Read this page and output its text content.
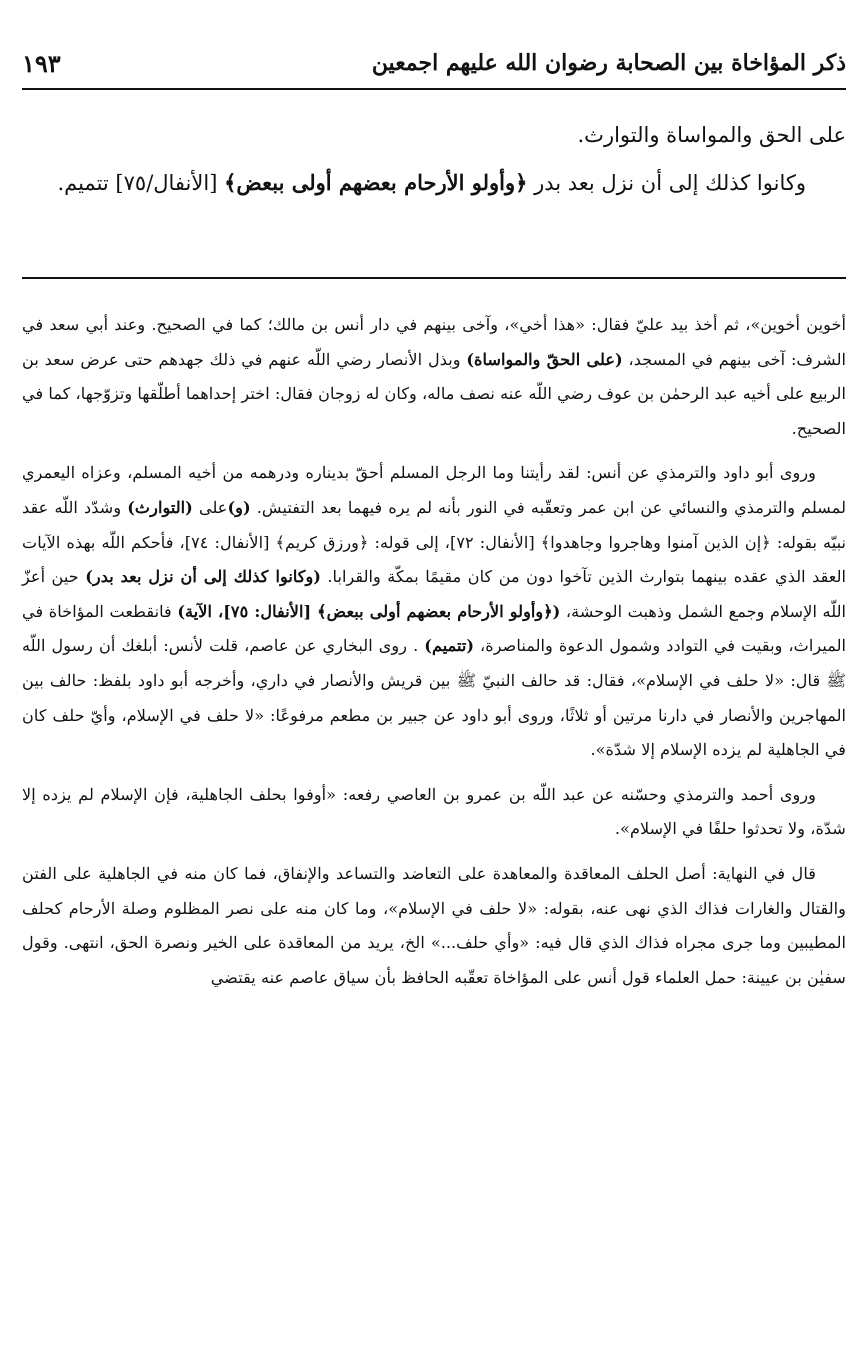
ذكر المؤاخاة بين الصحابة رضوان الله عليهم اجمعين
١٩٣

على الحق والمواساة والتوارث.

وكانوا كذلك إلى أن نزل بعد بدر ﴿وأولو الأرحام بعضهم أولى ببعض﴾ [الأنفال/٧٥] تتميم.

أخوين أخوين»، ثم أخذ بيد عليّ فقال: «هذا أخي»، وآخى بينهم في دار أنس بن مالك؛ كما في الصحيح. وعند أبي سعد في الشرف: آخى بينهم في المسجد، (على الحقّ والمواساة) وبذل الأنصار رضي اللّه عنهم في ذلك جهدهم حتى عرض سعد بن الربيع على أخيه عبد الرحمٰن بن عوف رضي اللّه عنه نصف ماله، وكان له زوجان فقال: اختر إحداهما أطلّقها وتزوّجها، كما في الصحيح.

وروى أبو داود والترمذي عن أنس: لقد رأيتنا وما الرجل المسلم أحقّ بديناره ودرهمه من أخيه المسلم، وعزاه اليعمري لمسلم والترمذي والنسائي عن ابن عمر وتعقّبه في النور بأنه لم يره فيهما بعد التفتيش. (و)على (التوارث) وشدّد اللّه عقد نبيّه بقوله: ﴿إن الذين آمنوا وهاجروا وجاهدوا﴾ [الأنفال: ٧٢]، إلى قوله: ﴿ورزق كريم﴾ [الأنفال: ٧٤]، فأحكم اللّه بهذه الآيات العقد الذي عقده بينهما بتوارث الذين تآخوا دون من كان مقيمًا بمكّة والقرابا. (وكانوا كذلك إلى أن نزل بعد بدر) حين أعزّ اللّه الإسلام وجمع الشمل وذهبت الوحشة، (﴿وأولو الأرحام بعضهم أولى ببعض﴾ [الأنفال: ٧٥]، الآية) فانقطعت المؤاخاة في الميراث، وبقيت في التوادد وشمول الدعوة والمناصرة، (تتميم) . روى البخاري عن عاصم، قلت لأنس: أبلغك أن رسول اللّه ﷺ قال: «لا حلف في الإسلام»، فقال: قد حالف النبيّ ﷺ بين قريش والأنصار في داري، وأخرجه أبو داود بلفظ: حالف بين المهاجرين والأنصار في دارنا مرتين أو ثلاثًا، وروى أبو داود عن جبير بن مطعم مرفوعًا: «لا حلف في الإسلام، وأيّ حلف كان في الجاهلية لم يزده الإسلام إلا شدّة».

وروى أحمد والترمذي وحسّنه عن عبد اللّه بن عمرو بن العاصي رفعه: «أوفوا بحلف الجاهلية، فإن الإسلام لم يزده إلا شدّة، ولا تحدثوا حلفًا في الإسلام».

قال في النهاية: أصل الحلف المعاقدة والمعاهدة على التعاضد والتساعد والإنفاق، فما كان منه في الجاهلية على الفتن والقتال والغارات فذاك الذي نهى عنه، بقوله: «لا حلف في الإسلام»، وما كان منه على نصر المظلوم وصلة الأرحام كحلف المطيبين وما جرى مجراه فذاك الذي قال فيه: «وأي حلف...» الخ، يريد من المعاقدة على الخير ونصرة الحق، انتهى. وقول سفيٰن بن عيينة: حمل العلماء قول أنس على المؤاخاة تعقّبه الحافظ بأن سياق عاصم عنه يقتضي
